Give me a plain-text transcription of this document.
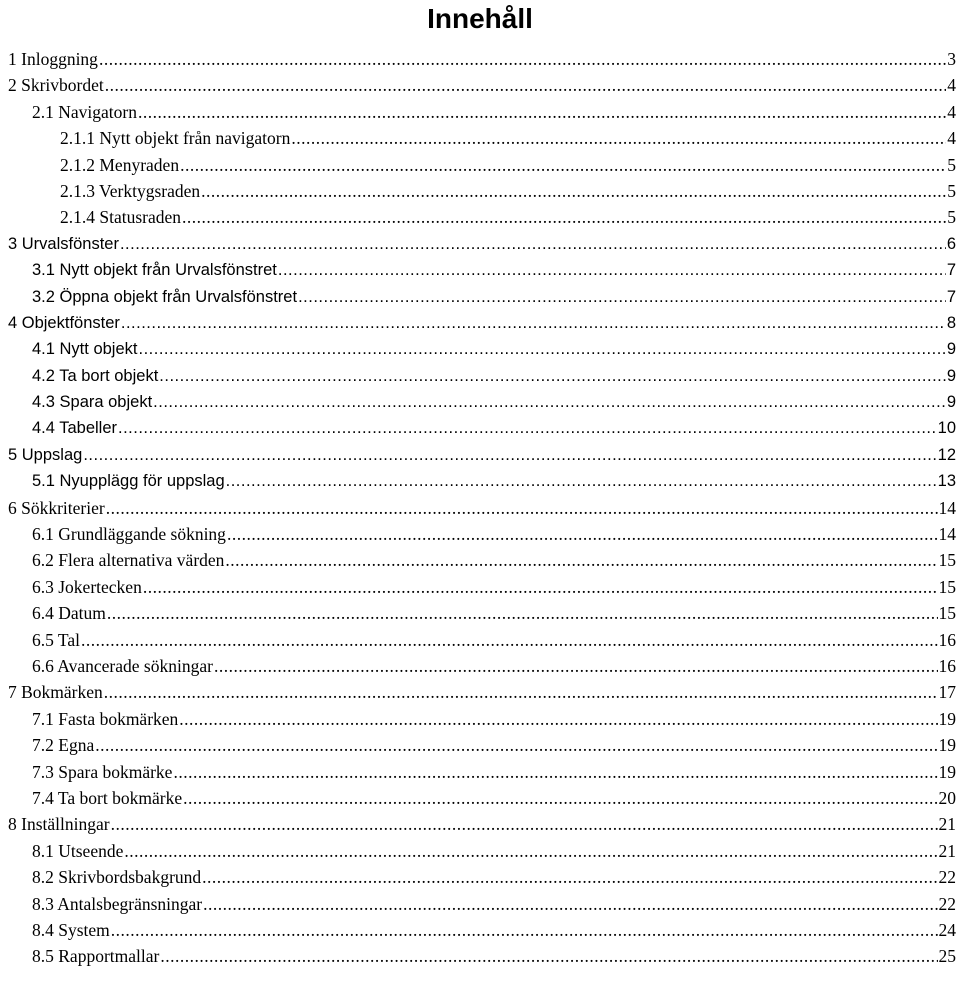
Innehåll
1 Inloggning .....	3
2 Skrivbordet .....	4
2.1 Navigatorn .....	4
2.1.1 Nytt objekt från navigatorn .....	4
2.1.2 Menyraden .....	5
2.1.3 Verktygsraden .....	5
2.1.4 Statusraden .....	5
3 Urvalsfönster .....	6
3.1 Nytt objekt från Urvalsfönstret .....	7
3.2 Öppna objekt från Urvalsfönstret .....	7
4 Objektfönster .....	8
4.1 Nytt objekt .....	9
4.2 Ta bort objekt .....	9
4.3 Spara objekt .....	9
4.4 Tabeller .....	10
5 Uppslag .....	12
5.1 Nyupplägg för uppslag .....	13
6 Sökkriterier .....	14
6.1 Grundläggande sökning .....	14
6.2 Flera alternativa värden .....	15
6.3 Jokertecken .....	15
6.4 Datum .....	15
6.5 Tal .....	16
6.6 Avancerade sökningar .....	16
7 Bokmärken .....	17
7.1 Fasta bokmärken .....	19
7.2 Egna .....	19
7.3 Spara bokmärke .....	19
7.4 Ta bort bokmärke .....	20
8 Inställningar .....	21
8.1 Utseende .....	21
8.2 Skrivbordsbakgrund .....	22
8.3 Antalsbegränsningar .....	22
8.4 System .....	24
8.5 Rapportmallar .....	25
